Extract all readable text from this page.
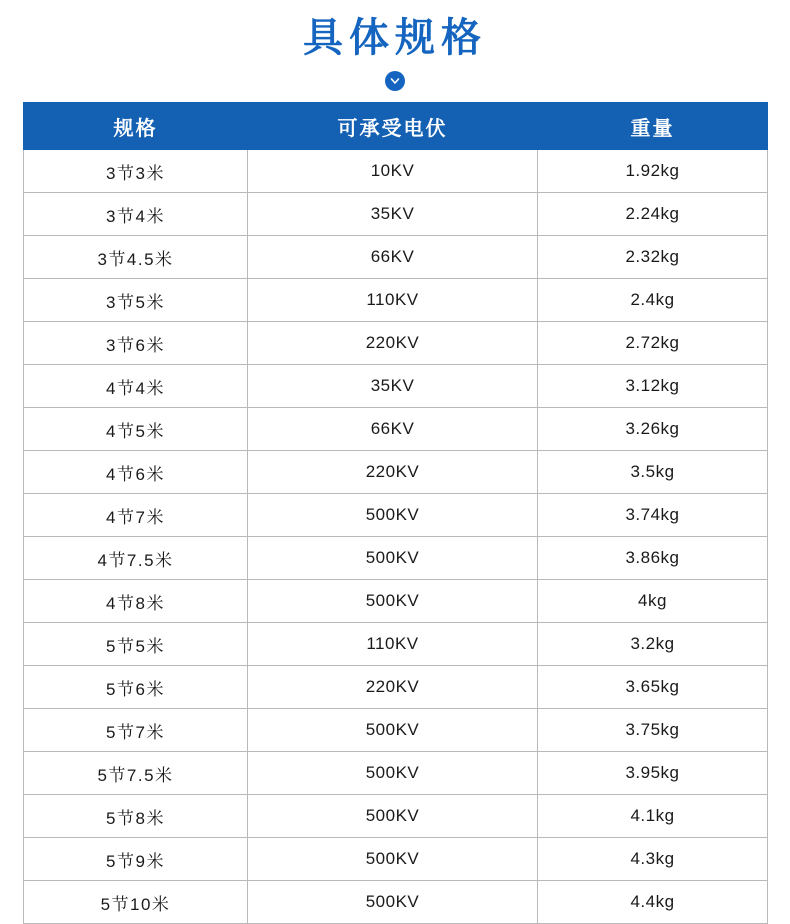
具体规格
规格	可承受电伏	重量
3节3米	10KV	1.92kg
3节4米	35KV	2.24kg
3节4.5米	66KV	2.32kg
3节5米	110KV	2.4kg
3节6米	220KV	2.72kg
4节4米	35KV	3.12kg
4节5米	66KV	3.26kg
4节6米	220KV	3.5kg
4节7米	500KV	3.74kg
4节7.5米	500KV	3.86kg
4节8米	500KV	4kg
5节5米	110KV	3.2kg
5节6米	220KV	3.65kg
5节7米	500KV	3.75kg
5节7.5米	500KV	3.95kg
5节8米	500KV	4.1kg
5节9米	500KV	4.3kg
5节10米	500KV	4.4kg
